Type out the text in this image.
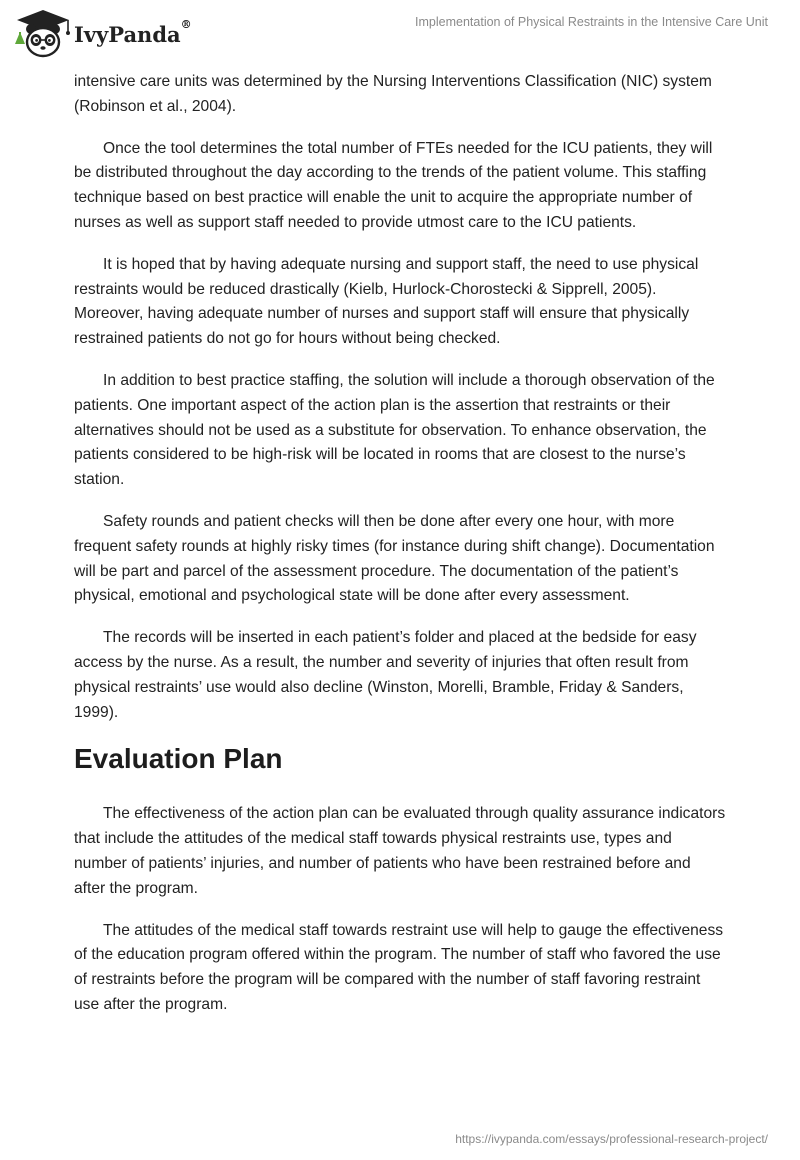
IvyPanda®	Implementation of Physical Restraints in the Intensive Care Unit

intensive care units was determined by the Nursing Interventions Classification (NIC) system (Robinson et al., 2004).

Once the tool determines the total number of FTEs needed for the ICU patients, they will be distributed throughout the day according to the trends of the patient volume. This staffing technique based on best practice will enable the unit to acquire the appropriate number of nurses as well as support staff needed to provide utmost care to the ICU patients.

It is hoped that by having adequate nursing and support staff, the need to use physical restraints would be reduced drastically (Kielb, Hurlock-Chorostecki & Sipprell, 2005). Moreover, having adequate number of nurses and support staff will ensure that physically restrained patients do not go for hours without being checked.

In addition to best practice staffing, the solution will include a thorough observation of the patients. One important aspect of the action plan is the assertion that restraints or their alternatives should not be used as a substitute for observation. To enhance observation, the patients considered to be high-risk will be located in rooms that are closest to the nurse’s station.

Safety rounds and patient checks will then be done after every one hour, with more frequent safety rounds at highly risky times (for instance during shift change). Documentation will be part and parcel of the assessment procedure. The documentation of the patient’s physical, emotional and psychological state will be done after every assessment.

The records will be inserted in each patient’s folder and placed at the bedside for easy access by the nurse. As a result, the number and severity of injuries that often result from physical restraints’ use would also decline (Winston, Morelli, Bramble, Friday & Sanders, 1999).

Evaluation Plan

The effectiveness of the action plan can be evaluated through quality assurance indicators that include the attitudes of the medical staff towards physical restraints use, types and number of patients’ injuries, and number of patients who have been restrained before and after the program.

The attitudes of the medical staff towards restraint use will help to gauge the effectiveness of the education program offered within the program. The number of staff who favored the use of restraints before the program will be compared with the number of staff favoring restraint use after the program.

https://ivypanda.com/essays/professional-research-project/
